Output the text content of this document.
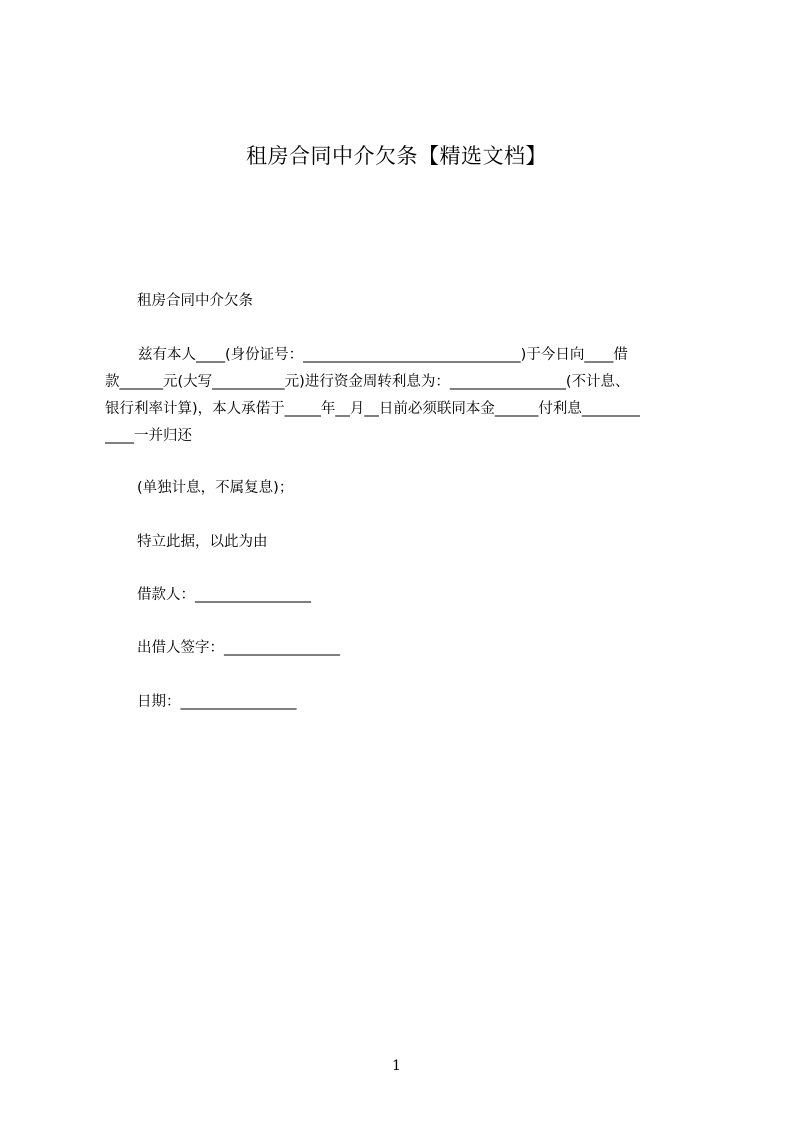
租房合同中介欠条【精选文档】
租房合同中介欠条
兹有本人____(身份证号：______________________________)于今日向____借
款______元(大写__________元)进行资金周转利息为：________________(不计息、
银行利率计算)，本人承偌于_____年__月__日前必须联同本金______付利息________
____一并归还
(单独计息，不属复息)；
特立此据，以此为由
借款人：________________
出借人签字：________________
日期：________________
1
